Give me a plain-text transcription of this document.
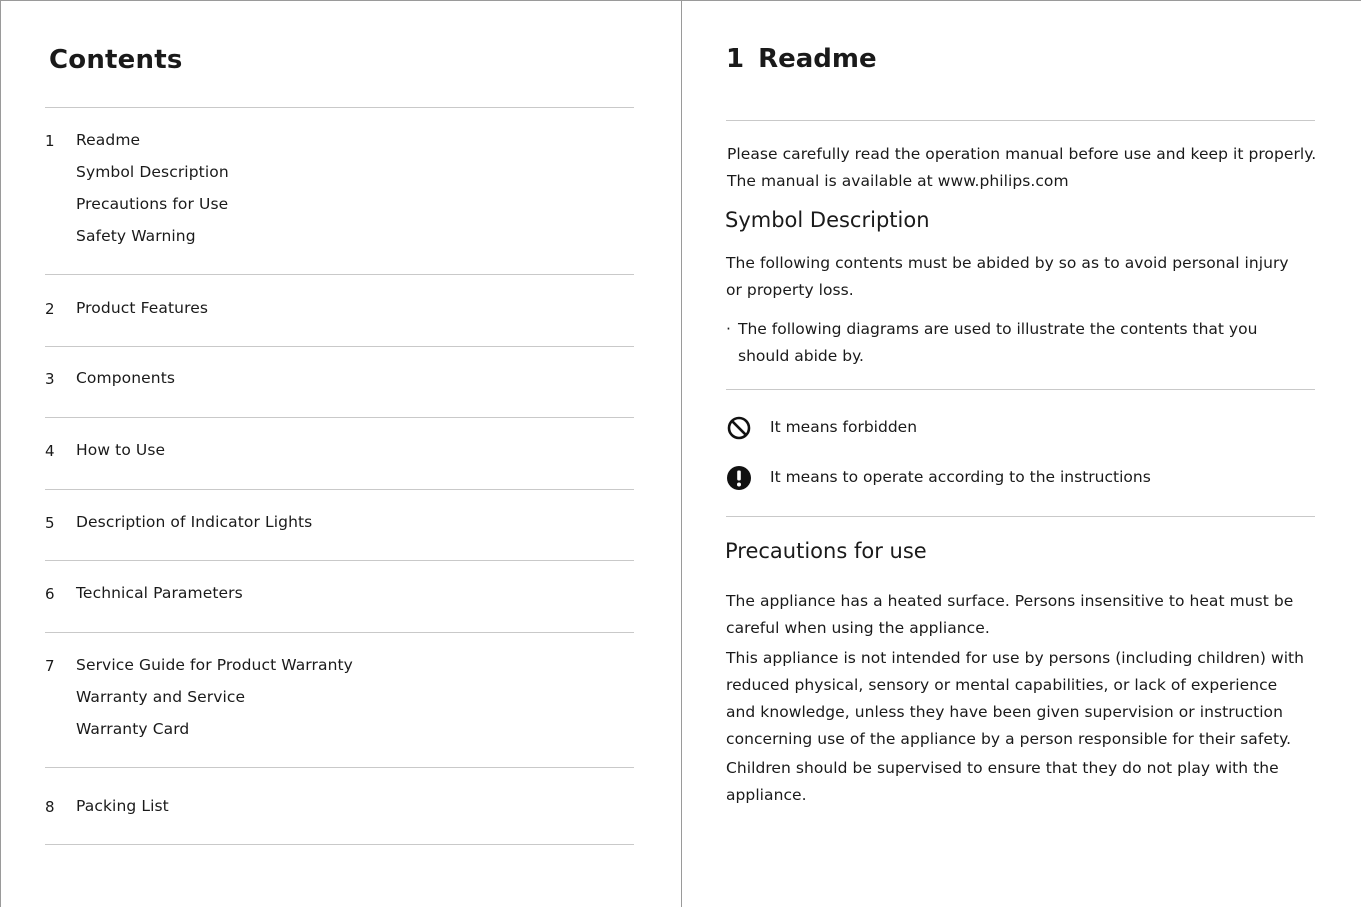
Contents
1	Readme
Symbol Description
Precautions for Use
Safety Warning
2	Product Features
3	Components
4	How to Use
5	Description of Indicator Lights
6	Technical Parameters
7	Service Guide for Product Warranty
Warranty and Service
Warranty Card
8	Packing List
1 Readme
Please carefully read the operation manual before use and keep it properly.
The manual is available at www.philips.com
Symbol Description
The following contents must be abided by so as to avoid personal injury or property loss.
· The following diagrams are used to illustrate the contents that you should abide by.
It means forbidden
It means to operate according to the instructions
Precautions for use
The appliance has a heated surface. Persons insensitive to heat must be careful when using the appliance.
This appliance is not intended for use by persons (including children) with reduced physical, sensory or mental capabilities, or lack of experience and knowledge, unless they have been given supervision or instruction concerning use of the appliance by a person responsible for their safety.
Children should be supervised to ensure that they do not play with the appliance.
